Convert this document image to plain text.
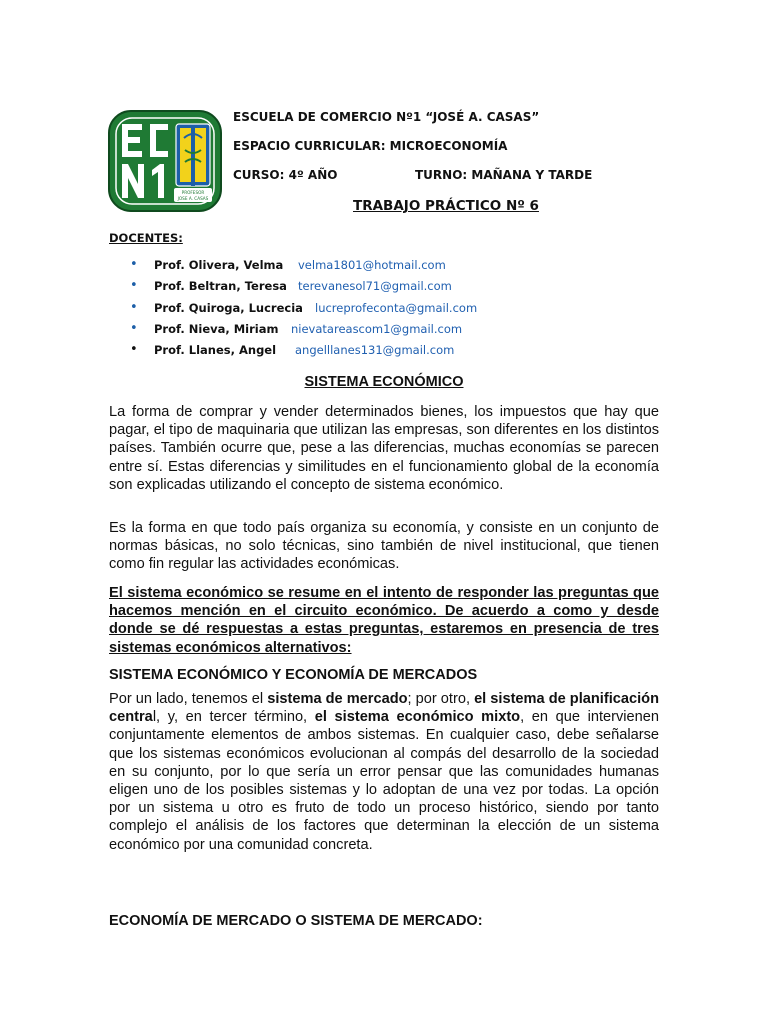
PROFESOR
JOSE A. CASAS
ESCUELA DE COMERCIO Nº1 “JOSÉ A. CASAS”
ESPACIO CURRICULAR: MICROECONOMÍA
CURSO: 4º AÑO	TURNO: MAÑANA Y TARDE
TRABAJO PRÁCTICO Nº 6
DOCENTES:
• Prof. Olivera, Velma velma1801@hotmail.com
• Prof. Beltran, Teresa terevanesol71@gmail.com
• Prof. Quiroga, Lucrecia lucreprofeconta@gmail.com
• Prof. Nieva, Miriam nievatareascom1@gmail.com
• Prof. Llanes, Angel angelllanes131@gmail.com
SISTEMA ECONÓMICO

La forma de comprar y vender determinados bienes, los impuestos que hay que pagar, el tipo de maquinaria que utilizan las empresas, son diferentes en los distintos países. También ocurre que, pese a las diferencias, muchas economías se parecen entre sí. Estas diferencias y similitudes en el funcionamiento global de la economía son explicadas utilizando el concepto de sistema económico.

Es la forma en que todo país organiza su economía, y consiste en un conjunto de normas básicas, no solo técnicas, sino también de nivel institucional, que tienen como fin regular las actividades económicas.

El sistema económico se resume en el intento de responder las preguntas que hacemos mención en el circuito económico. De acuerdo a como y desde donde se dé respuestas a estas preguntas, estaremos en presencia de tres sistemas económicos alternativos:

SISTEMA ECONÓMICO Y ECONOMÍA DE MERCADOS

Por un lado, tenemos el sistema de mercado; por otro, el sistema de planificación central, y, en tercer término, el sistema económico mixto, en que intervienen conjuntamente elementos de ambos sistemas. En cualquier caso, debe señalarse que los sistemas económicos evolucionan al compás del desarrollo de la sociedad en su conjunto, por lo que sería un error pensar que las comunidades humanas eligen uno de los posibles sistemas y lo adoptan de una vez por todas. La opción por un sistema u otro es fruto de todo un proceso histórico, siendo por tanto complejo el análisis de los factores que determinan la elección de un sistema económico por una comunidad concreta.

ECONOMÍA DE MERCADO O SISTEMA DE MERCADO:
